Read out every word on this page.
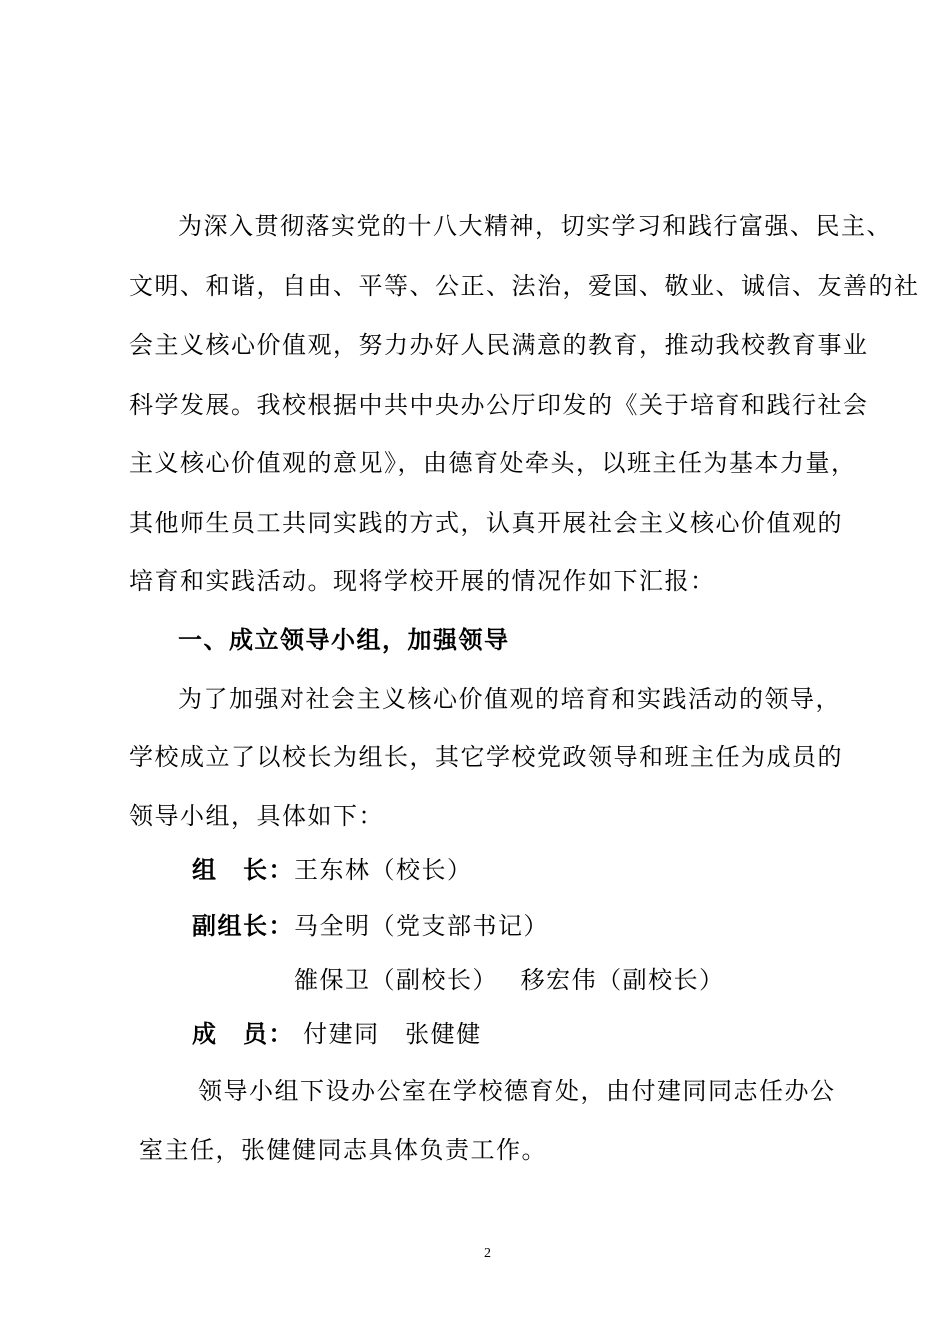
为深入贯彻落实党的十八大精神，切实学习和践行富强、民主、
文明、和谐，自由、平等、公正、法治，爱国、敬业、诚信、友善的社
会主义核心价值观，努力办好人民满意的教育，推动我校教育事业
科学发展。我校根据中共中央办公厅印发的《关于培育和践行社会
主义核心价值观的意见》，由德育处牵头，以班主任为基本力量，
其他师生员工共同实践的方式，认真开展社会主义核心价值观的
培育和实践活动。现将学校开展的情况作如下汇报：
一、成立领导小组，加强领导
为了加强对社会主义核心价值观的培育和实践活动的领导，
学校成立了以校长为组长，其它学校党政领导和班主任为成员的
领导小组，具体如下：
组　长：王东林（校长）
副组长：马全明（党支部书记）
雒保卫（副校长）　 移宏伟（副校长）
成　员： 付建同　张健健
领导小组下设办公室在学校德育处，由付建同同志任办公
室主任，张健健同志具体负责工作。
2
